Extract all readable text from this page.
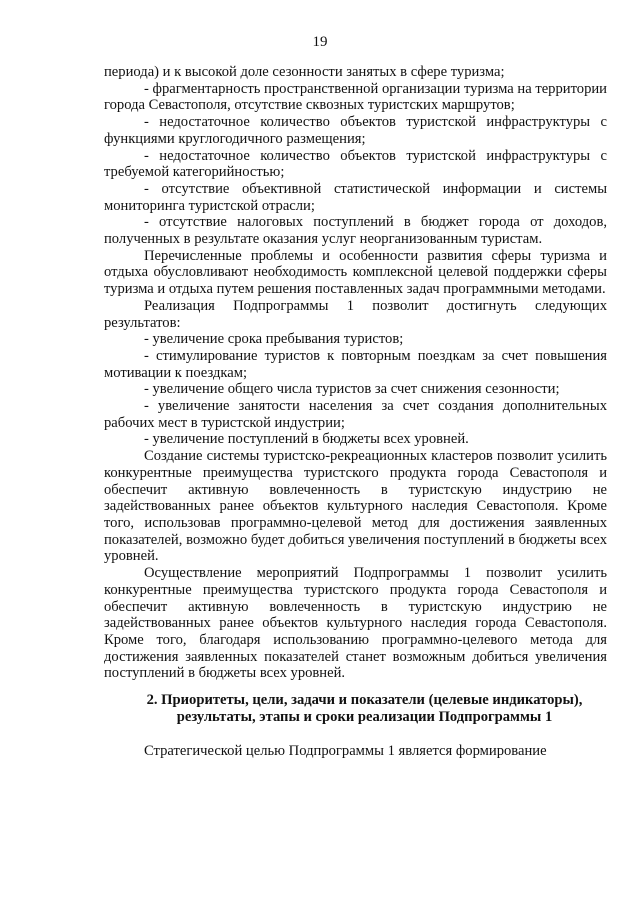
19

периода) и к высокой доле сезонности занятых в сфере туризма;

- фрагментарность пространственной организации туризма на территории города Севастополя, отсутствие сквозных туристских маршрутов;

- недостаточное количество объектов туристской инфраструктуры с функциями круглогодичного размещения;

- недостаточное количество объектов туристской инфраструктуры с требуемой категорийностью;

- отсутствие объективной статистической информации и системы мониторинга туристской отрасли;

- отсутствие налоговых поступлений в бюджет города от доходов, полученных в результате оказания услуг неорганизованным туристам.

Перечисленные проблемы и особенности развития сферы туризма и отдыха обусловливают необходимость комплексной целевой поддержки сферы туризма и отдыха путем решения поставленных задач программными методами.

Реализация Подпрограммы 1 позволит достигнуть следующих результатов:

- увеличение срока пребывания туристов;

- стимулирование туристов к повторным поездкам за счет повышения мотивации к поездкам;

- увеличение общего числа туристов за счет снижения сезонности;

- увеличение занятости населения за счет создания дополнительных рабочих мест в туристской индустрии;

- увеличение поступлений в бюджеты всех уровней.

Создание системы туристско-рекреационных кластеров позволит усилить конкурентные преимущества туристского продукта города Севастополя и обеспечит активную вовлеченность в туристскую индустрию не задействованных ранее объектов культурного наследия Севастополя. Кроме того, использовав программно-целевой метод для достижения заявленных показателей, возможно будет добиться увеличения поступлений в бюджеты всех уровней.

Осуществление мероприятий Подпрограммы 1 позволит усилить конкурентные преимущества туристского продукта города Севастополя и обеспечит активную вовлеченность в туристскую индустрию не задействованных ранее объектов культурного наследия города Севастополя. Кроме того, благодаря использованию программно-целевого метода для достижения заявленных показателей станет возможным добиться увеличения поступлений в бюджеты всех уровней.

2. Приоритеты, цели, задачи и показатели (целевые индикаторы), результаты, этапы и сроки реализации Подпрограммы 1

Стратегической целью Подпрограммы 1 является формирование
